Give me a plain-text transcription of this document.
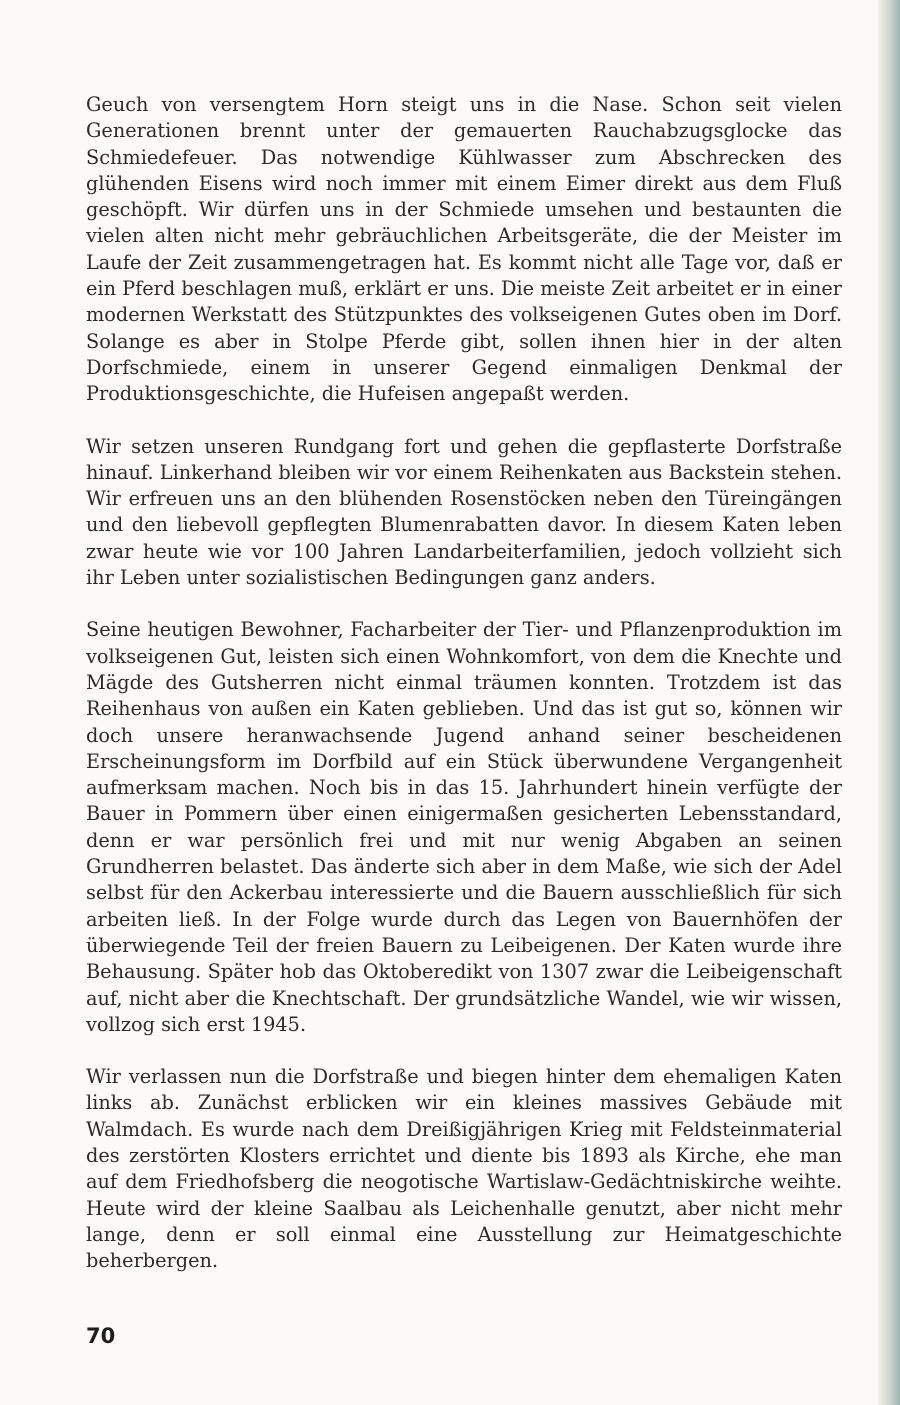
Geuch von versengtem Horn steigt uns in die Nase. Schon seit vielen Generationen brennt unter der gemauerten Rauchabzugsglocke das Schmiedefeuer. Das notwendige Kühlwasser zum Abschrecken des glühenden Eisens wird noch immer mit einem Eimer direkt aus dem Fluß geschöpft. Wir dürfen uns in der Schmiede umsehen und bestaunten die vielen alten nicht mehr gebräuchlichen Arbeitsgeräte, die der Meister im Laufe der Zeit zusammengetragen hat. Es kommt nicht alle Tage vor, daß er ein Pferd beschlagen muß, erklärt er uns. Die meiste Zeit arbeitet er in einer modernen Werkstatt des Stützpunktes des volkseigenen Gutes oben im Dorf. Solange es aber in Stolpe Pferde gibt, sollen ihnen hier in der alten Dorfschmiede, einem in unserer Gegend einmaligen Denkmal der Produktionsgeschichte, die Hufeisen angepaßt werden.

Wir setzen unseren Rundgang fort und gehen die gepflasterte Dorfstraße hinauf. Linkerhand bleiben wir vor einem Reihenkaten aus Backstein stehen. Wir erfreuen uns an den blühenden Rosenstöcken neben den Türeingängen und den liebevoll gepflegten Blumenrabatten davor. In diesem Katen leben zwar heute wie vor 100 Jahren Landarbeiterfamilien, jedoch vollzieht sich ihr Leben unter sozialistischen Bedingungen ganz anders.

Seine heutigen Bewohner, Facharbeiter der Tier- und Pflanzenproduktion im volkseigenen Gut, leisten sich einen Wohnkomfort, von dem die Knechte und Mägde des Gutsherren nicht einmal träumen konnten. Trotzdem ist das Reihenhaus von außen ein Katen geblieben. Und das ist gut so, können wir doch unsere heranwachsende Jugend anhand seiner bescheidenen Erscheinungsform im Dorfbild auf ein Stück überwundene Vergangenheit aufmerksam machen. Noch bis in das 15. Jahrhundert hinein verfügte der Bauer in Pommern über einen einigermaßen gesicherten Lebensstandard, denn er war persönlich frei und mit nur wenig Abgaben an seinen Grundherren belastet. Das änderte sich aber in dem Maße, wie sich der Adel selbst für den Ackerbau interessierte und die Bauern ausschließlich für sich arbeiten ließ. In der Folge wurde durch das Legen von Bauernhöfen der überwiegende Teil der freien Bauern zu Leibeigenen. Der Katen wurde ihre Behausung. Später hob das Oktoberedikt von 1307 zwar die Leibeigenschaft auf, nicht aber die Knechtschaft. Der grundsätzliche Wandel, wie wir wissen, vollzog sich erst 1945.

Wir verlassen nun die Dorfstraße und biegen hinter dem ehemaligen Katen links ab. Zunächst erblicken wir ein kleines massives Gebäude mit Walmdach. Es wurde nach dem Dreißigjährigen Krieg mit Feldsteinmaterial des zerstörten Klosters errichtet und diente bis 1893 als Kirche, ehe man auf dem Friedhofsberg die neogotische Wartislaw-Gedächtniskirche weihte. Heute wird der kleine Saalbau als Leichenhalle genutzt, aber nicht mehr lange, denn er soll einmal eine Ausstellung zur Heimatgeschichte beherbergen.

70
